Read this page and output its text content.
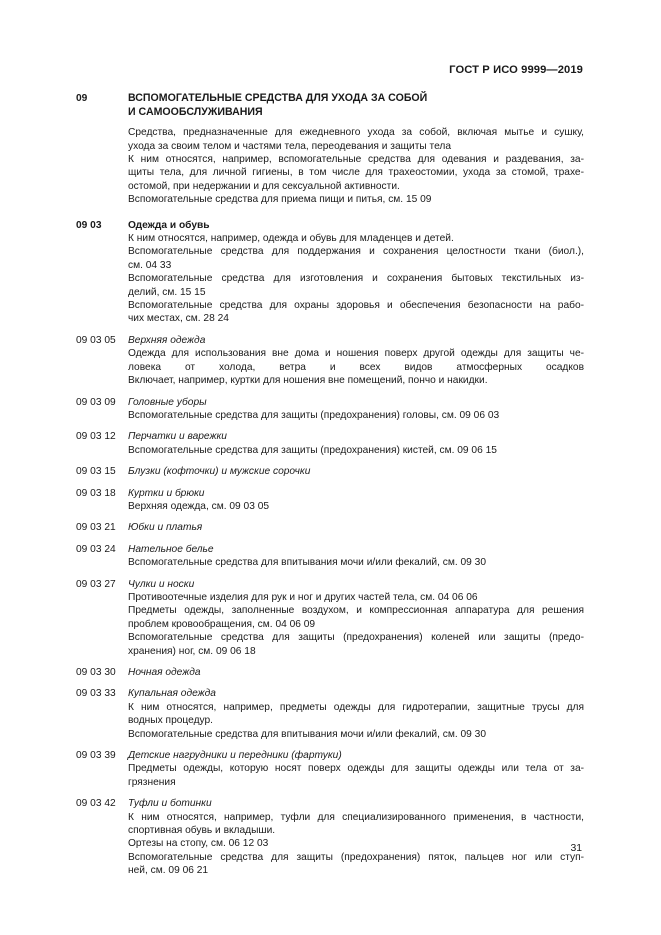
ГОСТ Р ИСО 9999—2019
09	ВСПОМОГАТЕЛЬНЫЕ СРЕДСТВА ДЛЯ УХОДА ЗА СОБОЙ
И САМООБСЛУЖИВАНИЯ
Средства, предназначенные для ежедневного ухода за собой, включая мытье и сушку,
ухода за своим телом и частями тела, переодевания и защиты тела
К ним относятся, например, вспомогательные средства для одевания и раздевания, за-
щиты тела, для личной гигиены, в том числе для трахеостомии, ухода за стомой, трахе-
остомой, при недержании и для сексуальной активности.
Вспомогательные средства для приема пищи и питья, см. 15 09
09 03	Одежда и обувь
К ним относятся, например, одежда и обувь для младенцев и детей.
Вспомогательные средства для поддержания и сохранения целостности ткани (биол.),
см. 04 33
Вспомогательные средства для изготовления и сохранения бытовых текстильных из-
делий, см. 15 15
Вспомогательные средства для охраны здоровья и обеспечения безопасности на рабо-
чих местах, см. 28 24
09 03 05	Верхняя одежда
Одежда для использования вне дома и ношения поверх другой одежды для защиты че-
ловека от холода, ветра и всех видов атмосферных осадков
Включает, например, куртки для ношения вне помещений, пончо и накидки.
09 03 09	Головные уборы
Вспомогательные средства для защиты (предохранения) головы, см. 09 06 03
09 03 12	Перчатки и варежки
Вспомогательные средства для защиты (предохранения) кистей, см. 09 06 15
09 03 15	Блузки (кофточки) и мужские сорочки
09 03 18	Куртки и брюки
Верхняя одежда, см. 09 03 05
09 03 21	Юбки и платья
09 03 24	Нательное белье
Вспомогательные средства для впитывания мочи и/или фекалий, см. 09 30
09 03 27	Чулки и носки
Противоотечные изделия для рук и ног и других частей тела, см. 04 06 06
Предметы одежды, заполненные воздухом, и компрессионная аппаратура для решения
проблем кровообращения, см. 04 06 09
Вспомогательные средства для защиты (предохранения) коленей или защиты (предо-
хранения) ног, см. 09 06 18
09 03 30	Ночная одежда
09 03 33	Купальная одежда
К ним относятся, например, предметы одежды для гидротерапии, защитные трусы для
водных процедур.
Вспомогательные средства для впитывания мочи и/или фекалий, см. 09 30
09 03 39	Детские нагрудники и передники (фартуки)
Предметы одежды, которую носят поверх одежды для защиты одежды или тела от за-
грязнения
09 03 42	Туфли и ботинки
К ним относятся, например, туфли для специализированного применения, в частности,
спортивная обувь и вкладыши.
Ортезы на стопу, см. 06 12 03
Вспомогательные средства для защиты (предохранения) пяток, пальцев ног или ступ-
ней, см. 09 06 21
31
